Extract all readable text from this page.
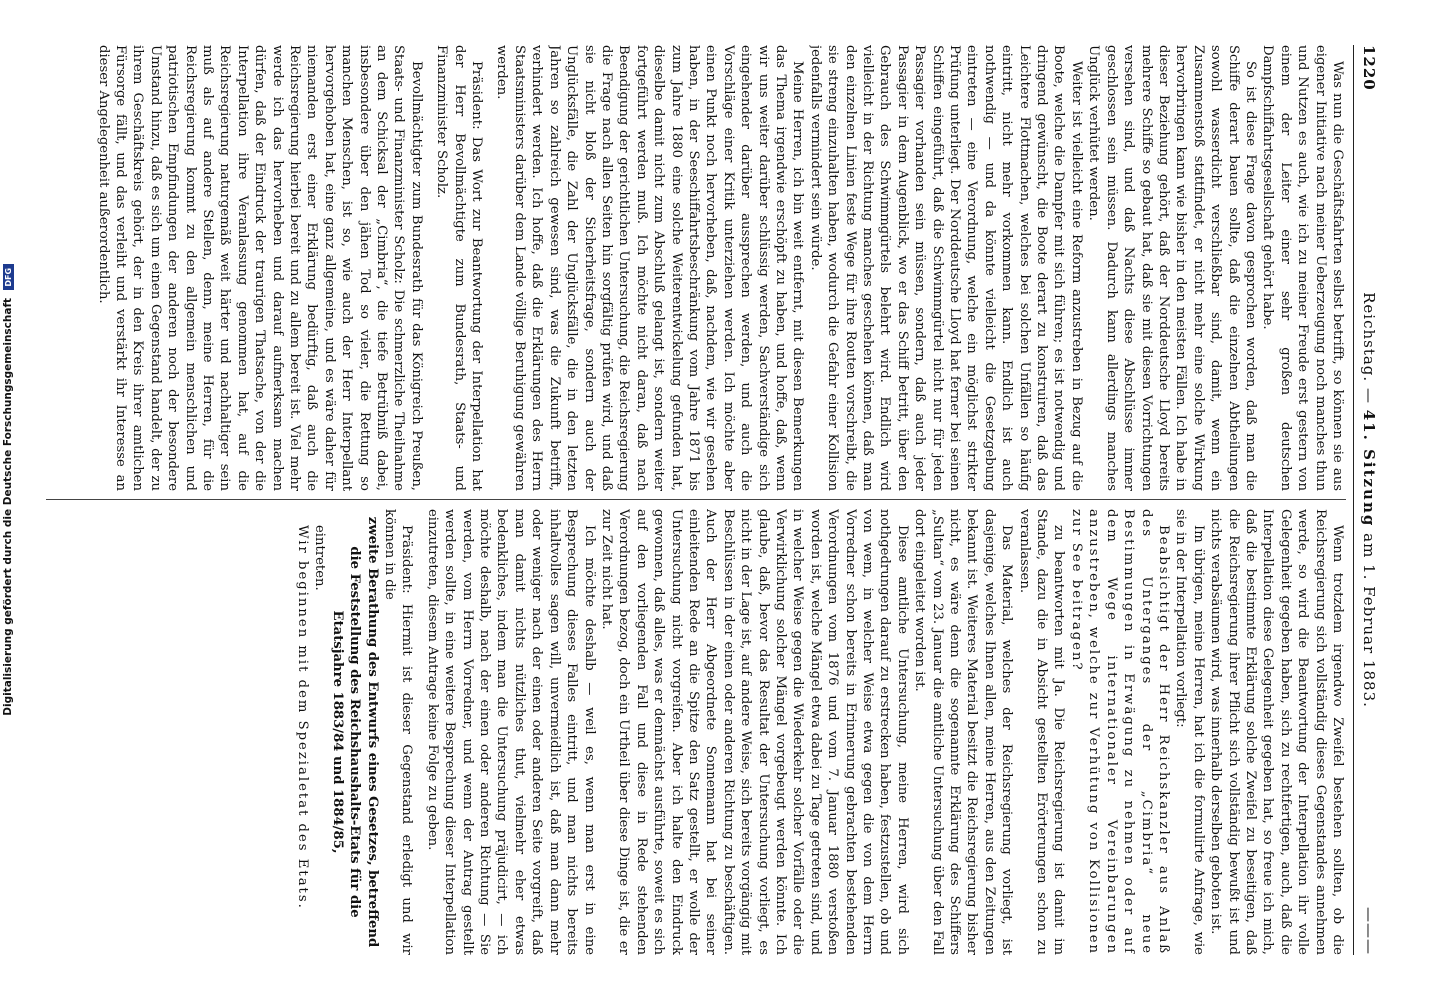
1220
Reichstag. — 41. Sitzung am 1. Februar 1883.
———

Was nun die Geschäftsfahrten selbst betrifft, so können sie aus eigener Initiative nach meiner Ueberzeugung noch manches thun und Nutzen es auch, wie ich zu meiner Freude erst gestern von einem der Leiter einer sehr großen deutschen Dampfschiffahrtsgesellschaft gehört habe.

So ist diese Frage davon gesprochen worden, daß man die Schiffe derart bauen sollte, daß die einzelnen Abtheilungen sowohl wasserdicht verschließbar sind, damit, wenn ein Zusammenstoß stattfindet, er nicht mehr eine solche Wirkung hervorbringen kann wie bisher in den meisten Fällen. Ich habe in dieser Beziehung gehört, daß der Norddeutsche Lloyd bereits mehrere Schiffe so gebaut hat, daß sie mit diesen Vorrichtungen versehen sind, und daß Nachts diese Abschlüsse immer geschlossen sein müssen. Dadurch kann allerdings manches Unglück verhütet werden.

Weiter ist vielleicht eine Reform anzustreben in Bezug auf die Boote, welche die Dampfer mit sich führen; es ist notwendig und dringend gewünscht, die Boote derart zu konstruiren, daß das Leichtere Flottmachen, welches bei solchen Unfällen so häufig eintritt, nicht mehr vorkommen kann. Endlich ist auch nothwendig — und da könnte vielleicht die Gesetzgebung eintreten — eine Verordnung, welche ein möglichst strikter Prüfung unterliegt. Der Norddeutsche Lloyd hat ferner bei seinen Schiffen eingeführt, daß die Schwimmgürtel nicht nur für jeden Passagier vorhanden sein müssen, sondern, daß auch jeder Passagier in dem Augenblick, wo er das Schiff betritt, über den Gebrauch des Schwimmgürtels belehrt wird. Endlich wird vielleicht in der Richtung manches geschehen können, daß man den einzelnen Linien feste Wege für ihre Routen vorschreibt, die sie streng einzuhalten haben, wodurch die Gefahr einer Kollision jedenfalls vermindert sein würde.

Meine Herren, ich bin weit entfernt, mit diesen Bemerkungen das Thema irgendwie erschöpft zu haben, und hoffe, daß, wenn wir uns weiter darüber schlüssig werden, Sachverständige sich eingehender darüber aussprechen werden, und auch die Vorschläge einer Kritik unterziehen werden. Ich möchte aber einen Punkt noch hervorheben, daß, nachdem, wie wir gesehen haben, in der Seeschiffahrtsbeschränkung vom Jahre 1871 bis zum Jahre 1880 eine solche Weiterentwickelung gefunden hat, dieselbe damit nicht zum Abschluß gelangt ist, sondern weiter fortgeführt werden muß. Ich möchte nicht daran, daß nach Beendigung der gerichtlichen Untersuchung, die Reichsregierung die Frage nach allen Seiten hin sorgfältig prüfen wird, und daß sie nicht bloß der Sicherheitsfrage, sondern auch der Unglücksfälle, die Zahl der Unglücksfälle, die in den letzten Jahren so zahlreich gewesen sind, was die Zukunft betrifft, verhindert werden. Ich hoffe, daß die Erklärungen des Herrn Staatsministers darüber dem Lande völlige Beruhigung gewähren werden.

Präsident: Das Wort zur Beantwortung der Interpellation hat der Herr Bevollmächtigte zum Bundesrath, Staats- und Finanzminister Scholz.

Bevollmächtigter zum Bundesrath für das Königreich Preußen, Staats- und Finanzminister Scholz: Die schmerzliche Theilnahme an dem Schicksal der „Cimbria“, die tiefe Betrübniß dabei, insbesondere über den jähen Tod so vieler, die Rettung so manchen Menschen, ist so, wie auch der Herr Interpellant hervorgehoben hat, eine ganz allgemeine, und es wäre daher für niemanden erst einer Erklärung bedürftig, daß auch die Reichsregierung hierbei bereit und zu allem bereit ist. Viel mehr werde ich das hervorheben und darauf aufmerksam machen dürfen, daß der Eindruck der traurigen Thatsache, von der die Interpellation ihre Veranlassung genommen hat, auf die Reichsregierung naturgemäß weit härter und nachhaltiger sein muß als auf andere Stellen, denn, meine Herren, für die Reichsregierung kommt zu den allgemein menschlichen und patriotischen Empfindungen der anderen noch der besondere Umstand hinzu, daß es sich um einen Gegenstand handelt, der zu ihrem Geschäftskreis gehört, der in den Kreis ihrer amtlichen Fürsorge fällt, und das verleiht und verstärkt ihr Interesse an dieser Angelegenheit außerordentlich.

Wenn trotzdem irgendwo Zweifel bestehen sollten, ob die Reichsregierung sich vollständig dieses Gegenstandes annehmen werde, so wird die Beantwortung der Interpellation ihr volle Gelegenheit gegeben haben, sich zu rechtfertigen, auch, daß die Interpellation diese Gelegenheit gegeben hat, so freue ich mich, daß die bestimmte Erklärung solche Zweifel zu beseitigen, daß die Reichsregierung ihrer Pflicht sich vollständig bewußt ist und nichts verabsäumen wird, was innerhalb derselben geboten ist.

Im übrigen, meine Herren, hat ich die formulirte Anfrage, wie sie in der Interpellation vorliegt:

Beabsichtigt der Herr Reichskanzler aus Anlaß des Unterganges der „Cimbria“ neue Bestimmungen in Erwägung zu nehmen oder auf dem Wege internationaler Vereinbarungen anzustreben, welche zur Verhütung von Kollisionen zur See beitragen?

zu beantworten mit Ja. Die Reichsregierung ist damit im Stande, dazu die in Absicht gestellten Erörterungen schon zu veranlassen.

Das Material, welches der Reichsregierung vorliegt, ist dasjenige, welches Ihnen allen, meine Herren, aus den Zeitungen bekannt ist. Weiteres Material besitzt die Reichsregierung bisher nicht, es wäre denn die sogenannte Erklärung des Schiffers „Sultan“ vom 23. Januar die amtliche Untersuchung über den Fall dort eingeleitet worden ist.

Diese amtliche Untersuchung, meine Herren, wird sich nothgedrungen darauf zu erstrecken haben, festzustellen, ob und von wem, in welcher Weise etwa gegen die von dem Herrn Vorredner schon bereits in Erinnerung gebrachten bestehenden Verordnungen vom 1876 und vom 7. Januar 1880 verstoßen worden ist, welche Mängel etwa dabei zu Tage getreten sind, und in welcher Weise gegen die Wiederkehr solcher Vorfälle oder die Verwirklichung solcher Mängel vorgebeugt werden könnte. Ich glaube, daß, bevor das Resultat der Untersuchung vorliegt, es nicht in der Lage ist, auf andere Weise, sich bereits vorgängig mit Beschlüssen in der einen oder anderen Richtung zu beschäftigen. Auch der Herr Abgeordnete Sonnemann hat bei seiner einleitenden Rede an die Spitze den Satz gestellt, er wolle der Untersuchung nicht vorgreifen. Aber ich halte den Eindruck gewonnen, daß alles, was er demnächst ausführte, soweit es sich auf den vorliegenden Fall und diese in Rede stehenden Verordnungen bezog, doch ein Urtheil über diese Dinge ist, die er zur Zeit nicht hat.

Ich möchte deshalb — weil es, wenn man erst in eine Besprechung dieses Falles eintritt, und man nichts bereits inhaltvolles sagen will, unvermeidlich ist, daß man dann mehr oder weniger nach der einen oder anderen Seite vorgreift, daß man damit nichts nützliches thut, vielmehr eher etwas bedenkliches, indem man die Untersuchung präjudicirt, — ich möchte deshalb, nach der einen oder anderen Richtung — Sie werden, vom Herrn Vorredner, und wenn der Antrag gestellt werden sollte, in eine weitere Besprechung dieser Interpellation einzutreten, diesem Antrage keine Folge zu geben.

Präsident: Hiermit ist dieser Gegenstand erledigt und wir können in die

zweite Berathung des Entwurfs eines Gesetzes, betreffend die Feststellung des Reichshaushalts-Etats für die Etatsjahre 1883/84 und 1884/85,

eintreten.

Wir beginnen mit dem Spezialetat des Etats.

Digitalisierung gefördert durch die Deutsche Forschungsgemeinschaft DFG
